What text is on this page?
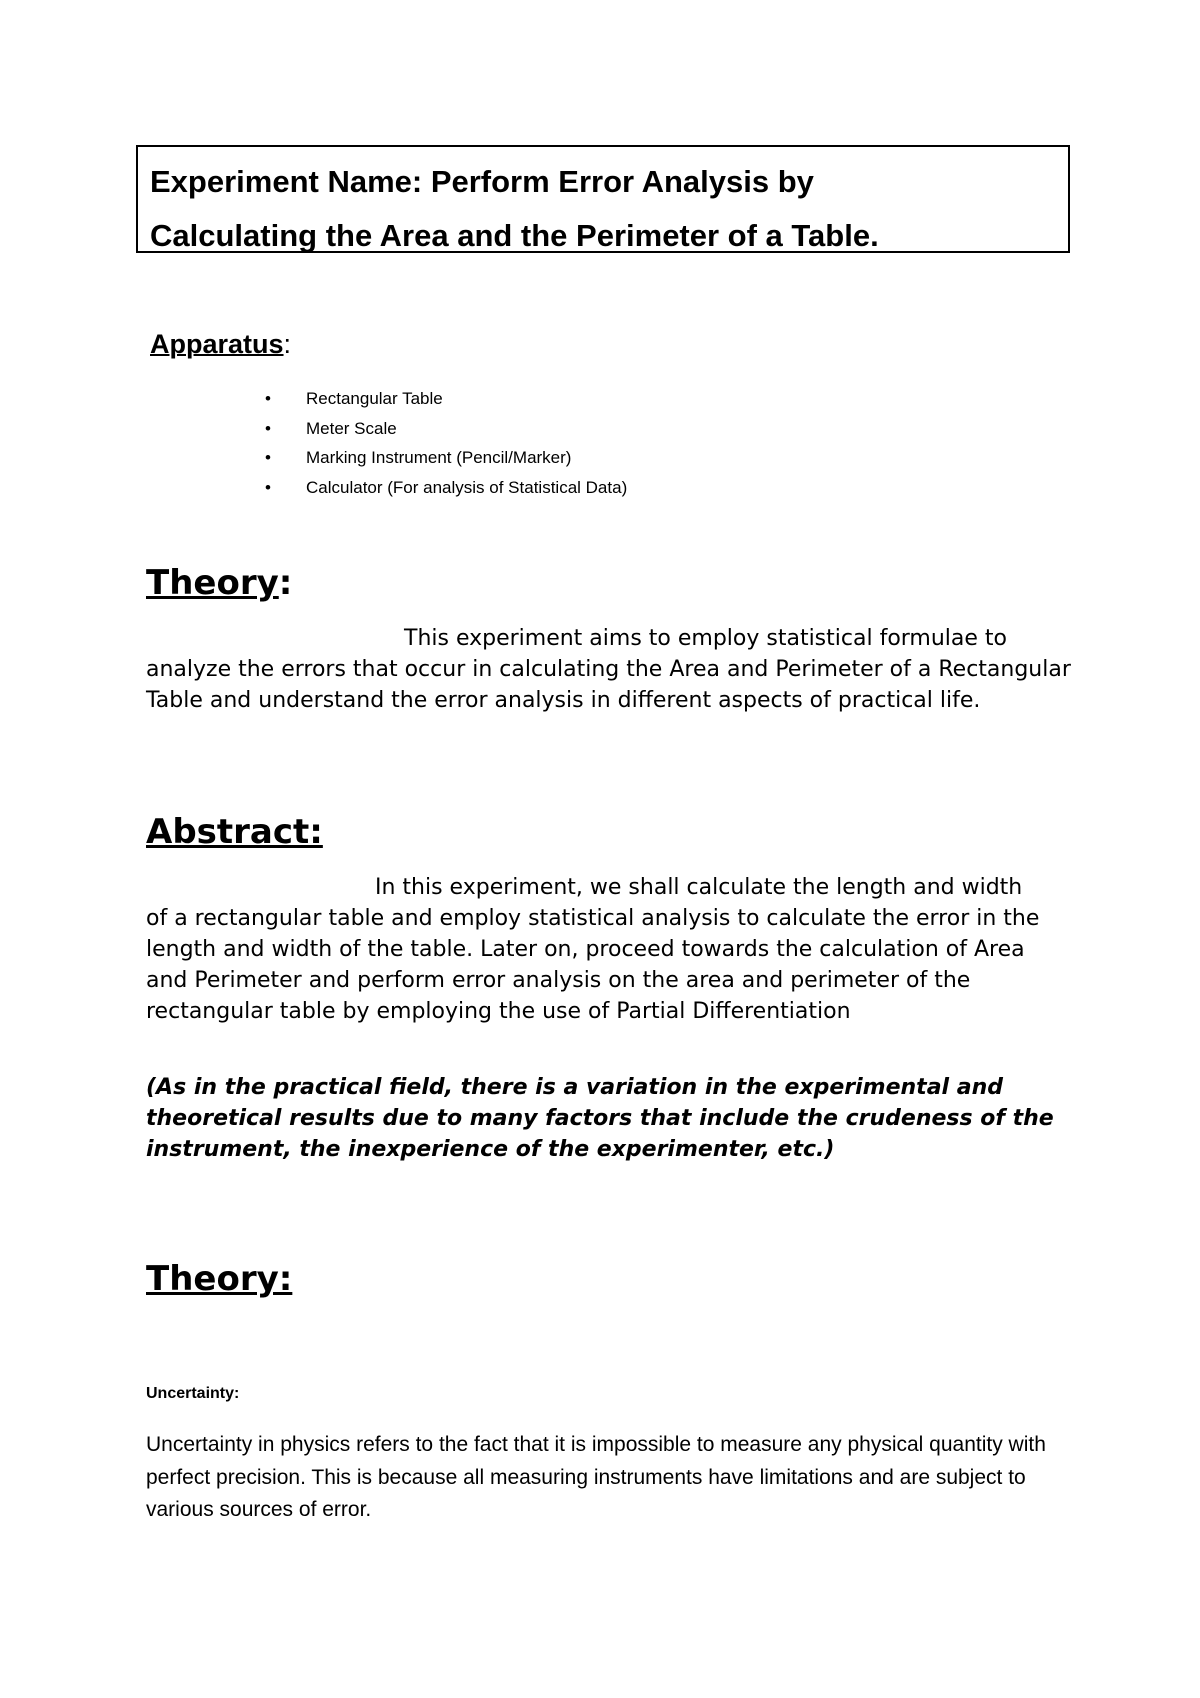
Experiment Name: Perform Error Analysis by
Calculating the Area and the Perimeter of a Table.
Apparatus:
• Rectangular Table
• Meter Scale
• Marking Instrument (Pencil/Marker)
• Calculator (For analysis of Statistical Data)
Theory:

This experiment aims to employ statistical formulae to analyze the errors that occur in calculating the Area and Perimeter of a Rectangular Table and understand the error analysis in different aspects of practical life.

Abstract:

In this experiment, we shall calculate the length and width of a rectangular table and employ statistical analysis to calculate the error in the length and width of the table. Later on, proceed towards the calculation of Area and Perimeter and perform error analysis on the area and perimeter of the rectangular table by employing the use of Partial Differentiation

(As in the practical field, there is a variation in the experimental and theoretical results due to many factors that include the crudeness of the instrument, the inexperience of the experimenter, etc.)

Theory:
Uncertainty:

Uncertainty in physics refers to the fact that it is impossible to measure any physical quantity with perfect precision. This is because all measuring instruments have limitations and are subject to various sources of error.
